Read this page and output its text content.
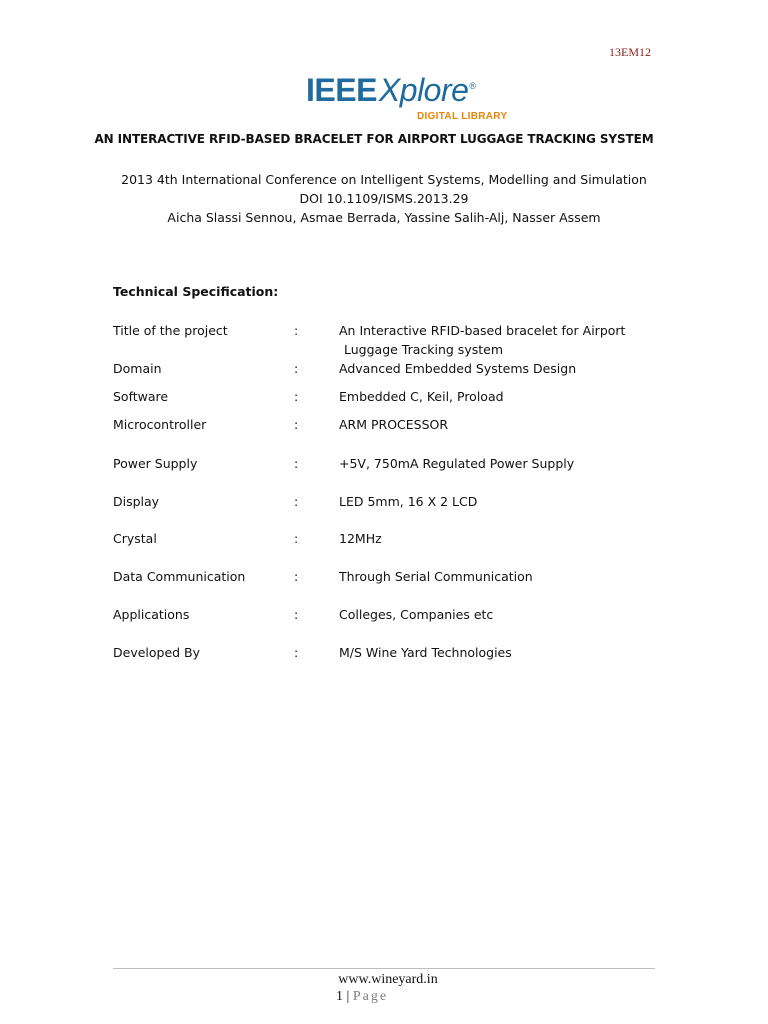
13EM12
IEEEXplore®
DIGITAL LIBRARY
AN INTERACTIVE RFID-BASED BRACELET FOR AIRPORT LUGGAGE TRACKING SYSTEM
2013 4th International Conference on Intelligent Systems, Modelling and Simulation
DOI 10.1109/ISMS.2013.29
Aicha Slassi Sennou, Asmae Berrada, Yassine Salih-Alj, Nasser Assem
Technical Specification:
Title of the project	:	An Interactive RFID-based bracelet for Airport
Luggage Tracking system
Domain	:	Advanced Embedded Systems Design
Software	:	Embedded C, Keil, Proload
Microcontroller	:	ARM PROCESSOR
Power Supply	:	+5V, 750mA Regulated Power Supply
Display	:	LED 5mm, 16 X 2 LCD
Crystal	:	12MHz
Data Communication	:	Through Serial Communication
Applications	:	Colleges, Companies etc
Developed By	:	M/S Wine Yard Technologies
www.wineyard.in
1 | Page
